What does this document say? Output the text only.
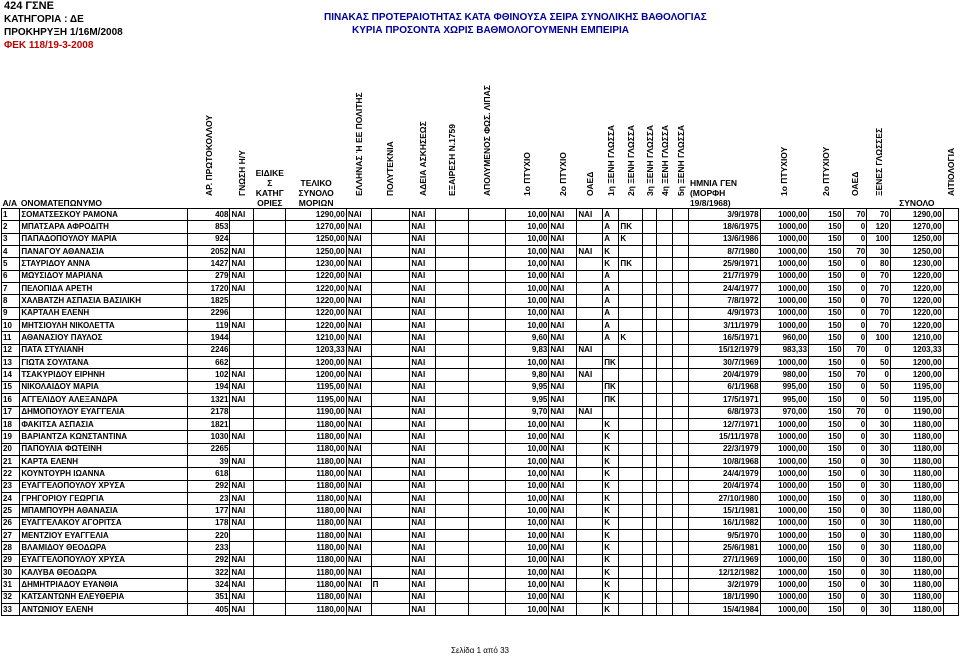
424 ΓΣΝΕ
ΚΑΤΗΓΟΡΙΑ : ΔΕ
ΠΡΟΚΗΡΥΞΗ 1/16Μ/2008
ΦΕΚ 118/19-3-2008
ΠΙΝΑΚΑΣ ΠΡΟΤΕΡΑΙΟΤΗΤΑΣ ΚΑΤΑ ΦΘΙΝΟΥΣΑ ΣΕΙΡΑ ΣΥΝΟΛΙΚΗΣ ΒΑΘΟΛΟΓΙΑΣ
ΚΥΡΙΑ ΠΡΟΣΟΝΤΑ ΧΩΡΙΣ ΒΑΘΜΟΛΟΓΟΥΜΕΝΗ ΕΜΠΕΙΡΙΑ
Α/Α	ΟΝΟΜΑΤΕΠΩΝΥΜΟ	ΑΡ. ΠΡΩΤΟΚΟΛΛΟΥ	ΓΝΩΣΗ Η/Υ	ΕΙΔΙΚΕ Σ ΚΑΤΗΓ ΟΡΙΕΣ	ΤΕΛΙΚΟ ΣΥΝΟΛΟ ΜΟΡΙΩΝ	ΕΛΛΗΝΑΣ Ή ΕΕ ΠΟΛΙΤΗΣ	ΠΟΛΥΤΕΚΝΙΑ	ΑΔΕΙΑ ΑΣΚΗΣΕΩΣ	ΕΞΑΙΡΕΣΗ Ν.1759	ΑΠΟΛΥΜΕΝΟΣ ΦΩΣ. ΛΙΠΑΣ	1ο ΠΤΥΧΙΟ	2ο ΠΤΥΧΙΟ	ΟΑΕΔ	1η ΞΕΝΗ ΓΛΩΣΣΑ	2η ΞΕΝΗ ΓΛΩΣΣΑ	3η ΞΕΝΗ ΓΛΩΣΣΑ	4η ΞΕΝΗ ΓΛΩΣΣΑ	5η ΞΕΝΗ ΓΛΩΣΣΑ	ΗΜΝΙΑ ΓΕΝ (ΜΟΡΦΗ 19/8/1968)	1ο ΠΤΥΧΙΟΥ	2ο ΠΤΥΧΙΟΥ	ΟΑΕΔ	ΞΕΝΕΣ ΓΛΩΣΣΕΣ	ΣΥΝΟΛΟ	ΑΙΤΙΟΛΟΓΙΑ

1	ΣΟΜΑΤΣΕΣΚΟΥ ΡΑΜΟΝΑ	408	ΝΑΙ		1290,00	ΝΑΙ		ΝΑΙ			10,00	ΝΑΙ	ΝΑΙ	Α					3/9/1978	1000,00	150	70	70	1290,00	
2	ΜΠΑΤΣΑΡΑ ΑΦΡΟΔΙΤΗ	853			1270,00	ΝΑΙ		ΝΑΙ			10,00	ΝΑΙ		Α	ΠΚ				18/6/1975	1000,00	150	0	120	1270,00	
3	ΠΑΠΑΔΟΠΟΥΛΟΥ ΜΑΡΙΑ	924			1250,00	ΝΑΙ		ΝΑΙ			10,00	ΝΑΙ		Α	Κ				13/6/1986	1000,00	150	0	100	1250,00	
4	ΠΑΝΑΓΟΥ ΑΘΑΝΑΣΙΑ	2052	ΝΑΙ		1250,00	ΝΑΙ		ΝΑΙ			10,00	ΝΑΙ	ΝΑΙ	Κ					8/7/1980	1000,00	150	70	30	1250,00	
5	ΣΤΑΥΡΙΔΟΥ ΑΝΝΑ	1427	ΝΑΙ		1230,00	ΝΑΙ		ΝΑΙ			10,00	ΝΑΙ		Κ	ΠΚ				25/9/1971	1000,00	150	0	80	1230,00	
6	ΜΩΥΣΙΔΟΥ ΜΑΡΙΑΝΑ	279	ΝΑΙ		1220,00	ΝΑΙ		ΝΑΙ			10,00	ΝΑΙ		Α					21/7/1979	1000,00	150	0	70	1220,00	
7	ΠΕΛΟΠΙΔΑ ΑΡΕΤΗ	1720	ΝΑΙ		1220,00	ΝΑΙ		ΝΑΙ			10,00	ΝΑΙ		Α					24/4/1977	1000,00	150	0	70	1220,00	
8	ΧΑΛΒΑΤΖΗ ΑΣΠΑΣΙΑ ΒΑΣΙΛΙΚΗ	1825			1220,00	ΝΑΙ		ΝΑΙ			10,00	ΝΑΙ		Α					7/8/1972	1000,00	150	0	70	1220,00	
9	ΚΑΡΤΑΛΗ ΕΛΕΝΗ	2296			1220,00	ΝΑΙ		ΝΑΙ			10,00	ΝΑΙ		Α					4/9/1973	1000,00	150	0	70	1220,00	
10	ΜΗΤΣΙΟΥΛΗ ΝΙΚΟΛΕΤΤΑ	119	ΝΑΙ		1220,00	ΝΑΙ		ΝΑΙ			10,00	ΝΑΙ		Α					3/11/1979	1000,00	150	0	70	1220,00	
11	ΑΘΑΝΑΣΙΟΥ ΠΑΥΛΟΣ	1944			1210,00	ΝΑΙ		ΝΑΙ			9,60	ΝΑΙ		Α	Κ				16/5/1971	960,00	150	0	100	1210,00	
12	ΠΑΤΑ ΣΤΥΛΙΑΝΗ	2246			1203,33	ΝΑΙ		ΝΑΙ			9,83	ΝΑΙ	ΝΑΙ						15/12/1979	983,33	150	70	0	1203,33	
13	ΓΙΩΤΑ ΣΟΥΛΤΑΝΑ	662			1200,00	ΝΑΙ		ΝΑΙ			10,00	ΝΑΙ		ΠΚ					30/7/1969	1000,00	150	0	50	1200,00	
14	ΤΣΑΚΥΡΙΔΟΥ ΕΙΡΗΝΗ	102	ΝΑΙ		1200,00	ΝΑΙ		ΝΑΙ			9,80	ΝΑΙ	ΝΑΙ						20/4/1979	980,00	150	70	0	1200,00	
15	ΝΙΚΟΛΑΙΔΟΥ ΜΑΡΙΑ	194	ΝΑΙ		1195,00	ΝΑΙ		ΝΑΙ			9,95	ΝΑΙ		ΠΚ					6/1/1968	995,00	150	0	50	1195,00	
16	ΑΓΓΕΛΙΔΟΥ ΑΛΕΞΑΝΔΡΑ	1321	ΝΑΙ		1195,00	ΝΑΙ		ΝΑΙ			9,95	ΝΑΙ		ΠΚ					17/5/1971	995,00	150	0	50	1195,00	
17	ΔΗΜΟΠΟΥΛΟΥ ΕΥΑΓΓΕΛΙΑ	2178			1190,00	ΝΑΙ		ΝΑΙ			9,70	ΝΑΙ	ΝΑΙ						6/8/1973	970,00	150	70	0	1190,00	
18	ΦΑΚΙΤΣΑ ΑΣΠΑΣΙΑ	1821			1180,00	ΝΑΙ		ΝΑΙ			10,00	ΝΑΙ		Κ					12/7/1971	1000,00	150	0	30	1180,00	
19	ΒΑΡΙΑΝΤΖΑ ΚΩΝΣΤΑΝΤΙΝΑ	1030	ΝΑΙ		1180,00	ΝΑΙ		ΝΑΙ			10,00	ΝΑΙ		Κ					15/11/1978	1000,00	150	0	30	1180,00	
20	ΠΑΠΟΥΛΙΑ ΦΩΤΕΙΝΗ	2265			1180,00	ΝΑΙ		ΝΑΙ			10,00	ΝΑΙ		Κ					22/3/1979	1000,00	150	0	30	1180,00	
21	ΚΑΡΤΑ ΕΛΕΝΗ	39	ΝΑΙ		1180,00	ΝΑΙ		ΝΑΙ			10,00	ΝΑΙ		Κ					10/8/1968	1000,00	150	0	30	1180,00	
22	ΚΟΥΝΤΟΥΡΗ ΙΩΑΝΝΑ	618			1180,00	ΝΑΙ		ΝΑΙ			10,00	ΝΑΙ		Κ					24/4/1979	1000,00	150	0	30	1180,00	
23	ΕΥΑΓΓΕΛΟΠΟΥΛΟΥ ΧΡΥΣΑ	292	ΝΑΙ		1180,00	ΝΑΙ		ΝΑΙ			10,00	ΝΑΙ		Κ					20/4/1974	1000,00	150	0	30	1180,00	
24	ΓΡΗΓΟΡΙΟΥ ΓΕΩΡΓΙΑ	23	ΝΑΙ		1180,00	ΝΑΙ		ΝΑΙ			10,00	ΝΑΙ		Κ					27/10/1980	1000,00	150	0	30	1180,00	
25	ΜΠΑΜΠΟΥΡΗ ΑΘΑΝΑΣΙΑ	177	ΝΑΙ		1180,00	ΝΑΙ		ΝΑΙ			10,00	ΝΑΙ		Κ					15/1/1981	1000,00	150	0	30	1180,00	
26	ΕΥΑΓΓΕΛΑΚΟΥ ΑΓΟΡΙΤΣΑ	178	ΝΑΙ		1180,00	ΝΑΙ		ΝΑΙ			10,00	ΝΑΙ		Κ					16/1/1982	1000,00	150	0	30	1180,00	
27	ΜΕΝΤΖΙΟΥ ΕΥΑΓΓΕΛΙΑ	220			1180,00	ΝΑΙ		ΝΑΙ			10,00	ΝΑΙ		Κ					9/5/1970	1000,00	150	0	30	1180,00	
28	ΒΛΑΜΙΔΟΥ ΘΕΟΔΩΡΑ	233			1180,00	ΝΑΙ		ΝΑΙ			10,00	ΝΑΙ		Κ					25/6/1981	1000,00	150	0	30	1180,00	
29	ΕΥΑΓΓΕΛΟΠΟΥΛΟΥ ΧΡΥΣΑ	292	ΝΑΙ		1180,00	ΝΑΙ		ΝΑΙ			10,00	ΝΑΙ		Κ					27/1/1969	1000,00	150	0	30	1180,00	
30	ΚΑΛΥΒΑ ΘΕΟΔΩΡΑ	322	ΝΑΙ		1180,00	ΝΑΙ		ΝΑΙ			10,00	ΝΑΙ		Κ					12/12/1982	1000,00	150	0	30	1180,00	
31	ΔΗΜΗΤΡΙΑΔΟΥ ΕΥΑΝΘΙΑ	324	ΝΑΙ		1180,00	ΝΑΙ	Π	ΝΑΙ			10,00	ΝΑΙ		Κ					3/2/1979	1000,00	150	0	30	1180,00	
32	ΚΑΤΣΑΝΤΩΝΗ ΕΛΕΥΘΕΡΙΑ	351	ΝΑΙ		1180,00	ΝΑΙ		ΝΑΙ			10,00	ΝΑΙ		Κ					18/1/1990	1000,00	150	0	30	1180,00	
33	ΑΝΤΩΝΙΟΥ ΕΛΕΝΗ	405	ΝΑΙ		1180,00	ΝΑΙ		ΝΑΙ			10,00	ΝΑΙ		Κ					15/4/1984	1000,00	150	0	30	1180,00	
Σελίδα 1 από 33
